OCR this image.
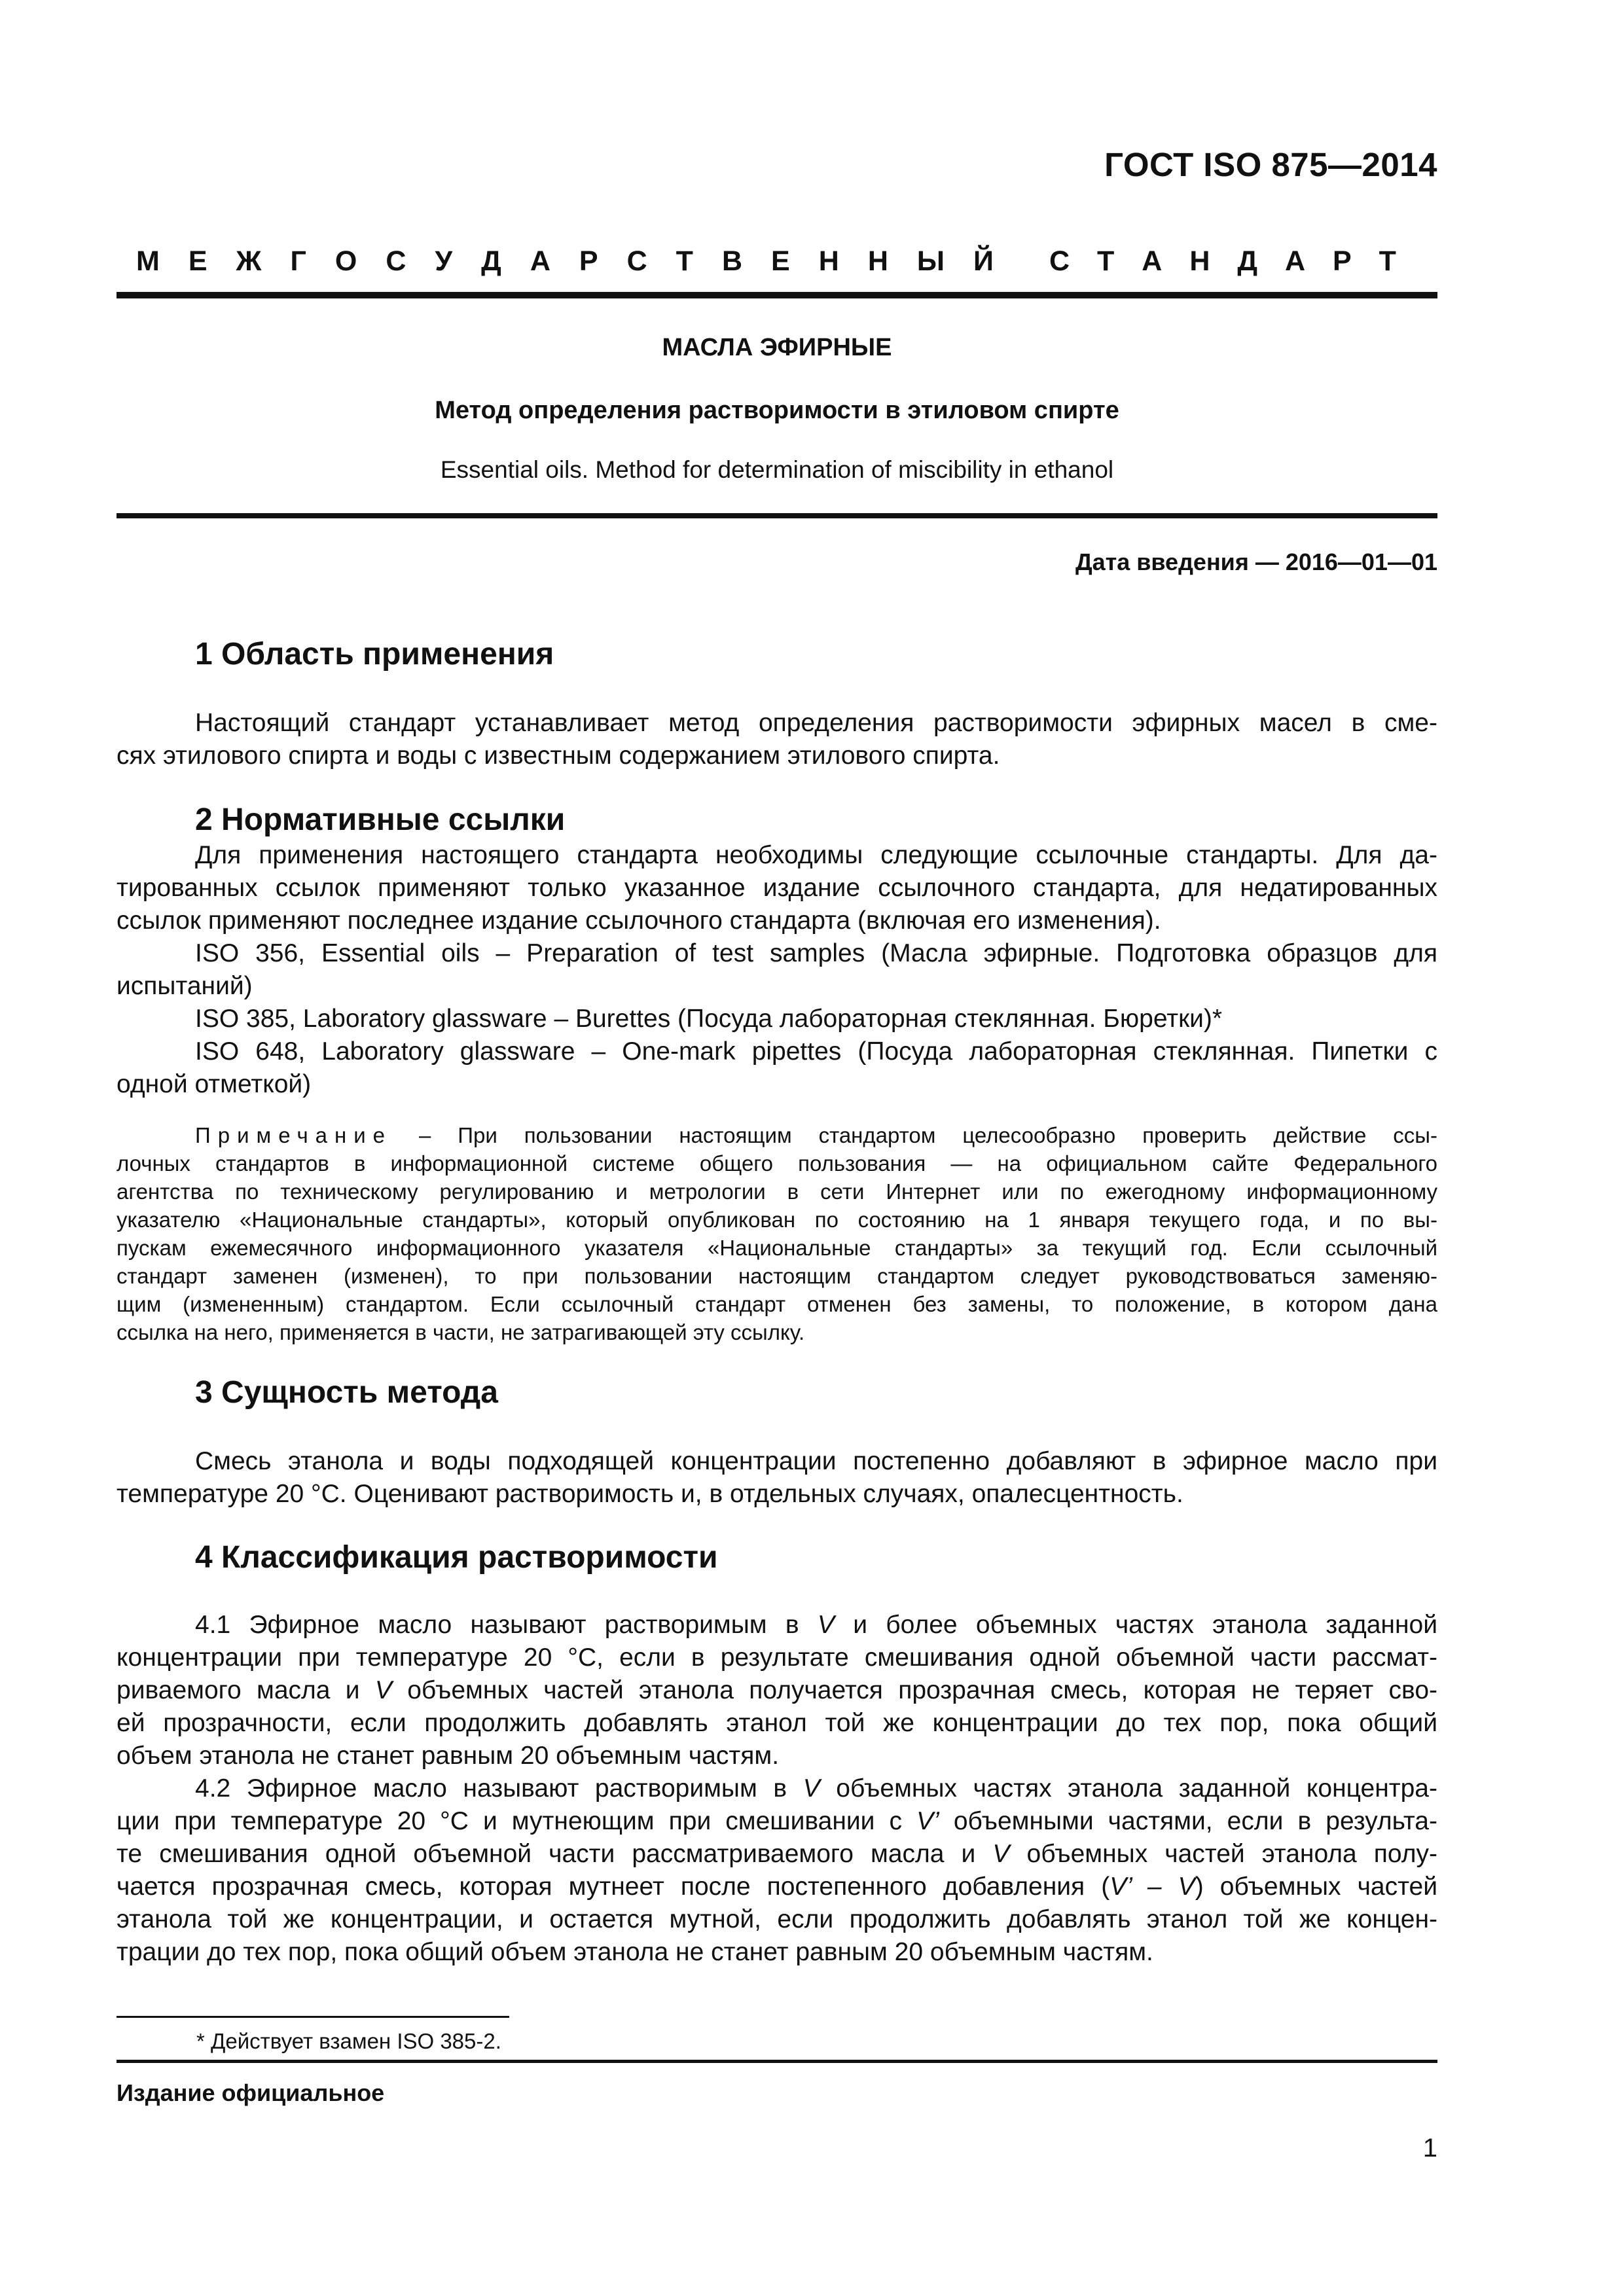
ГОСТ ISO 875—2014
М Е Ж Г О С У Д А Р С Т В Е Н Н Ы Й С Т А Н Д А Р Т
МАСЛА ЭФИРНЫЕ
Метод определения растворимости в этиловом спирте
Essential oils. Method for determination of miscibility in ethanol
Дата введения — 2016—01—01
1 Область применения
Настоящий стандарт устанавливает метод определения растворимости эфирных масел в сме-
сях этилового спирта и воды с известным содержанием этилового спирта.
2 Нормативные ссылки
Для применения настоящего стандарта необходимы следующие ссылочные стандарты. Для да-
тированных ссылок применяют только указанное издание ссылочного стандарта, для недатированных
ссылок применяют последнее издание ссылочного стандарта (включая его изменения).
ISO 356, Essential oils – Preparation of test samples (Масла эфирные. Подготовка образцов для
испытаний)
ISO 385, Laboratory glassware – Burettes (Посуда лабораторная стеклянная. Бюретки)*
ISO 648, Laboratory glassware – One-mark pipettes (Посуда лабораторная стеклянная. Пипетки с
одной отметкой)
Примечание – При пользовании настоящим стандартом целесообразно проверить действие ссы-
лочных стандартов в информационной системе общего пользования — на официальном сайте Федерального
агентства по техническому регулированию и метрологии в сети Интернет или по ежегодному информационному
указателю «Национальные стандарты», который опубликован по состоянию на 1 января текущего года, и по вы-
пускам ежемесячного информационного указателя «Национальные стандарты» за текущий год. Если ссылочный
стандарт заменен (изменен), то при пользовании настоящим стандартом следует руководствоваться заменяю-
щим (измененным) стандартом. Если ссылочный стандарт отменен без замены, то положение, в котором дана
ссылка на него, применяется в части, не затрагивающей эту ссылку.
3 Сущность метода
Смесь этанола и воды подходящей концентрации постепенно добавляют в эфирное масло при
температуре 20 °С. Оценивают растворимость и, в отдельных случаях, опалесцентность.
4 Классификация растворимости
4.1 Эфирное масло называют растворимым в V и более объемных частях этанола заданной
концентрации при температуре 20 °С, если в результате смешивания одной объемной части рассмат-
риваемого масла и V объемных частей этанола получается прозрачная смесь, которая не теряет сво-
ей прозрачности, если продолжить добавлять этанол той же концентрации до тех пор, пока общий
объем этанола не станет равным 20 объемным частям.
4.2 Эфирное масло называют растворимым в V объемных частях этанола заданной концентра-
ции при температуре 20 °С и мутнеющим при смешивании с V’ объемными частями, если в результа-
те смешивания одной объемной части рассматриваемого масла и V объемных частей этанола полу-
чается прозрачная смесь, которая мутнеет после постепенного добавления (V’ – V) объемных частей
этанола той же концентрации, и остается мутной, если продолжить добавлять этанол той же концен-
трации до тех пор, пока общий объем этанола не станет равным 20 объемным частям.
* Действует взамен ISO 385-2.
Издание официальное
1
